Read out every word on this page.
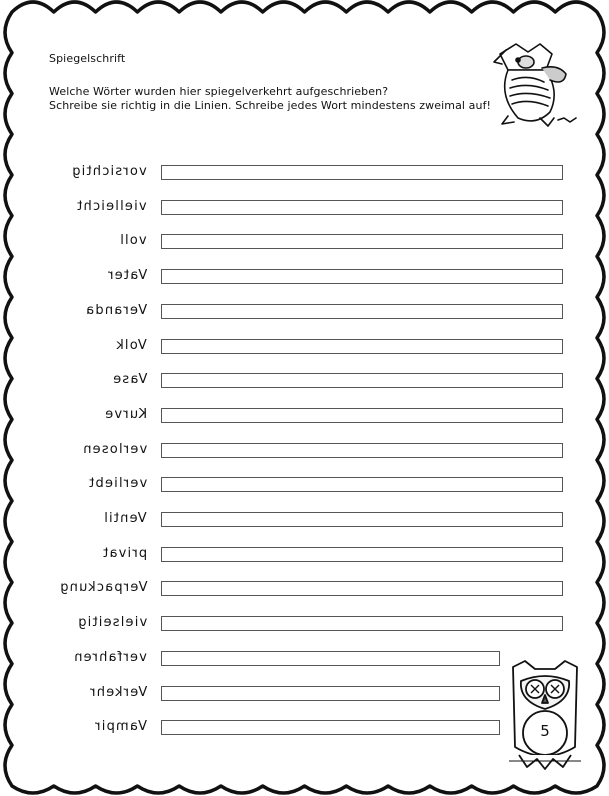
Spiegelschrift
Welche Wörter wurden hier spiegelverkehrt aufgeschrieben?
Schreibe sie richtig in die Linien. Schreibe jedes Wort mindestens zweimal auf!
vorsichtig
vielleicht
voll
Vater
Veranda
Volk
Vase
Kurve
verlosen
verliebt
Ventil
privat
Verpackung
vielseitig
verfahren
Verkehr
Vampir	5
